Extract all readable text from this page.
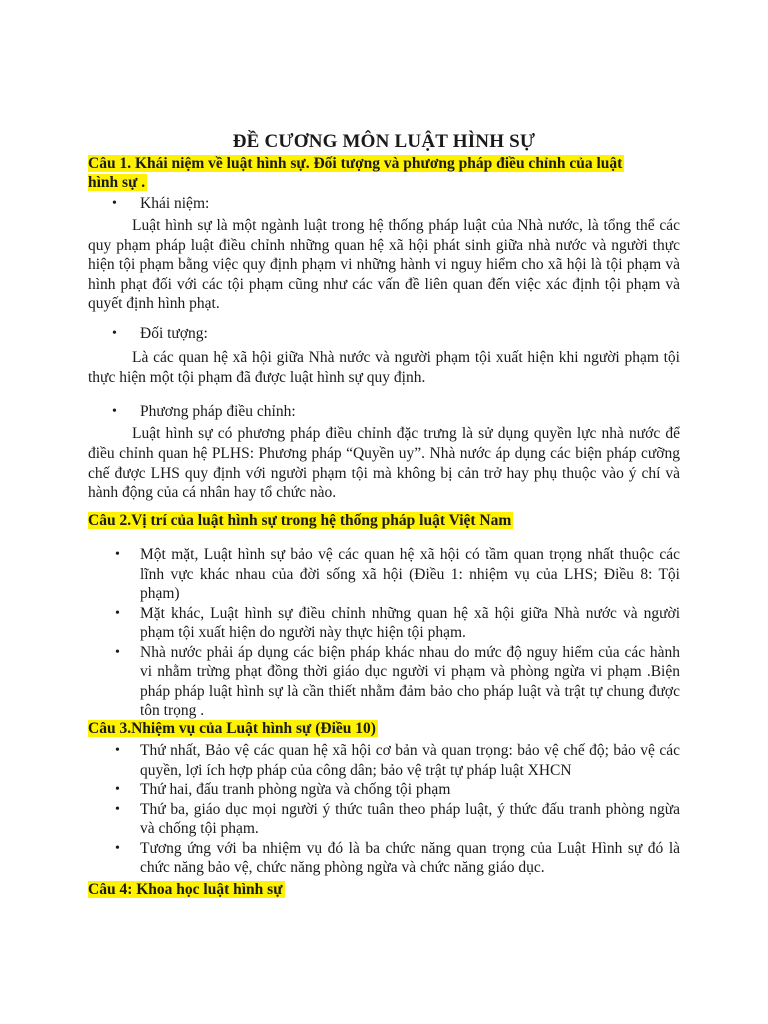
ĐỀ CƯƠNG MÔN LUẬT HÌNH SỰ
Câu 1. Khái niệm về luật hình sự. Đối tượng và phương pháp điều chỉnh của luật
hình sự .
• Khái niệm:
Luật hình sự là một ngành luật trong hệ thống pháp luật của Nhà nước, là tổng thể các quy phạm pháp luật điều chỉnh những quan hệ xã hội phát sinh giữa nhà nước và người thực hiện tội phạm bằng việc quy định phạm vi những hành vi nguy hiểm cho xã hội là tội phạm và hình phạt đối với các tội phạm cũng như các vấn đề liên quan đến việc xác định tội phạm và quyết định hình phạt.
• Đối tượng:
Là các quan hệ xã hội giữa Nhà nước và người phạm tội xuất hiện khi người phạm tội thực hiện một tội phạm đã được luật hình sự quy định.
• Phương pháp điều chỉnh:
Luật hình sự có phương pháp điều chỉnh đặc trưng là sử dụng quyền lực nhà nước để điều chỉnh quan hệ PLHS: Phương pháp “Quyền uy”. Nhà nước áp dụng các biện pháp cưỡng chế được LHS quy định với người phạm tội mà không bị cản trở hay phụ thuộc vào ý chí và hành động của cá nhân hay tổ chức nào.
Câu 2.Vị trí của luật hình sự trong hệ thống pháp luật Việt Nam
• Một mặt, Luật hình sự bảo vệ các quan hệ xã hội có tầm quan trọng nhất thuộc các lĩnh vực khác nhau của đời sống xã hội (Điều 1: nhiệm vụ của LHS; Điều 8: Tội phạm)
• Mặt khác, Luật hình sự điều chỉnh những quan hệ xã hội giữa Nhà nước và người phạm tội xuất hiện do người này thực hiện tội phạm.
• Nhà nước phải áp dụng các biện pháp khác nhau do mức độ nguy hiểm của các hành vi nhằm trừng phạt đồng thời giáo dục người vi phạm và phòng ngừa vi phạm .Biện pháp pháp luật hình sự là cần thiết nhằm đảm bảo cho pháp luật và trật tự chung được tôn trọng .
Câu 3.Nhiệm vụ của Luật hình sự (Điều 10)
• Thứ nhất, Bảo vệ các quan hệ xã hội cơ bản và quan trọng: bảo vệ chế độ; bảo vệ các quyền, lợi ích hợp pháp của công dân; bảo vệ trật tự pháp luật XHCN
• Thứ hai, đấu tranh phòng ngừa và chống tội phạm
• Thứ ba, giáo dục mọi người ý thức tuân theo pháp luật, ý thức đấu tranh phòng ngừa và chống tội phạm.
• Tương ứng với ba nhiệm vụ đó là ba chức năng quan trọng của Luật Hình sự đó là chức năng bảo vệ, chức năng phòng ngừa và chức năng giáo dục.
Câu 4: Khoa học luật hình sự
